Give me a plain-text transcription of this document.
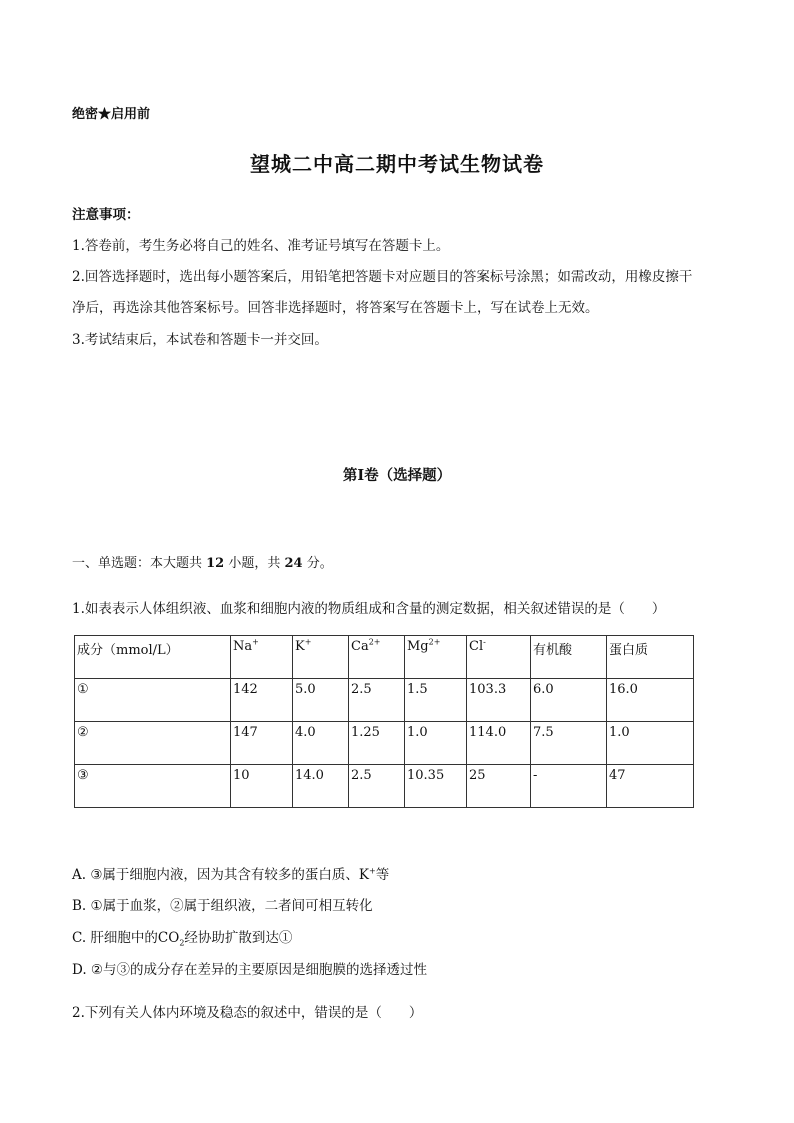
绝密★启用前
望城二中高二期中考试生物试卷
注意事项：
1.答卷前，考生务必将自己的姓名、准考证号填写在答题卡上。
2.回答选择题时，选出每小题答案后，用铅笔把答题卡对应题目的答案标号涂黑；如需改动，用橡皮擦干
净后，再选涂其他答案标号。回答非选择题时，将答案写在答题卡上，写在试卷上无效。
3.考试结束后，本试卷和答题卡一并交回。
第I卷（选择题）
一、单选题：本大题共 12 小题，共 24 分。
1.如表表示人体组织液、血浆和细胞内液的物质组成和含量的测定数据，相关叙述错误的是（　　）
成分（mmol/L）	Na+	K+	$Ca^{2+}$	$Mg^{2+}$	Cl-	有机酸	蛋白质
①	142	5.0	2.5	1.5	103.3	6.0	16.0
②	147	4.0	1.25	1.0	114.0	7.5	1.0
③	10	14.0	2.5	10.35	25	-	47
A. ③属于细胞内液，因为其含有较多的蛋白质、K+等
B. ①属于血浆，②属于组织液，二者间可相互转化
C. 肝细胞中的$CO_2$经协助扩散到达①
D. ②与③的成分存在差异的主要原因是细胞膜的选择透过性
2.下列有关人体内环境及稳态的叙述中，错误的是（　　）
